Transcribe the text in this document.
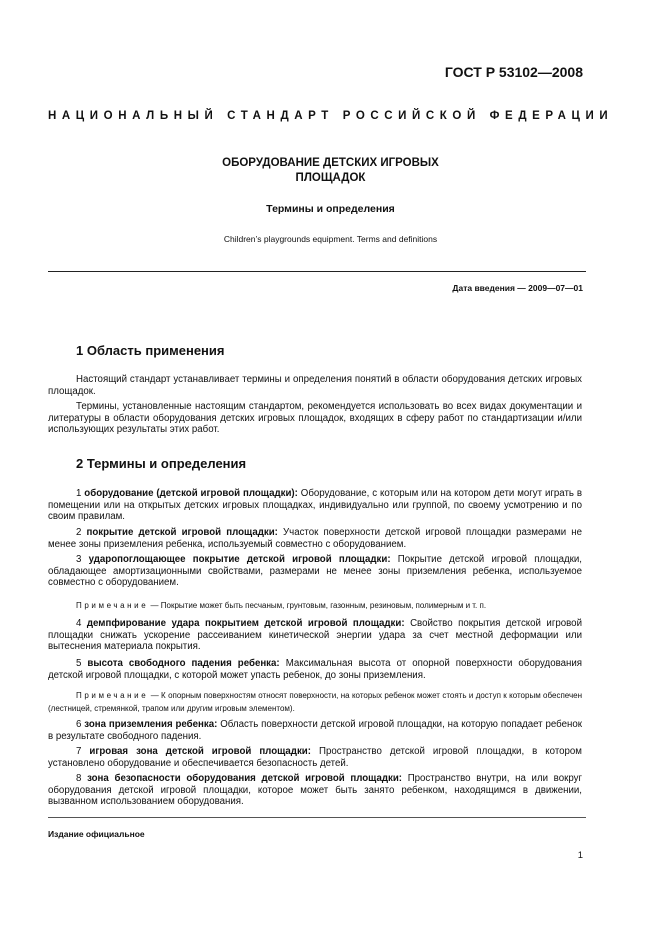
ГОСТ Р 53102—2008
НАЦИОНАЛЬНЫЙ СТАНДАРТ РОССИЙСКОЙ ФЕДЕРАЦИИ
ОБОРУДОВАНИЕ ДЕТСКИХ ИГРОВЫХ
ПЛОЩАДОК
Термины и определения
Children’s playgrounds equipment. Terms and definitions
Дата введения — 2009—07—01
1 Область применения
Настоящий стандарт устанавливает термины и определения понятий в области оборудования детских игровых площадок.
Термины, установленные настоящим стандартом, рекомендуется использовать во всех видах документации и литературы в области оборудования детских игровых площадок, входящих в сферу работ по стандартизации и/или использующих результаты этих работ.
2 Термины и определения
1 оборудование (детской игровой площадки): Оборудование, с которым или на котором дети могут играть в помещении или на открытых детских игровых площадках, индивидуально или группой, по своему усмотрению и по своим правилам.
2 покрытие детской игровой площадки: Участок поверхности детской игровой площадки размерами не менее зоны приземления ребенка, используемый совместно с оборудованием.
3 ударопоглощающее покрытие детской игровой площадки: Покрытие детской игровой площадки, обладающее амортизационными свойствами, размерами не менее зоны приземления ребенка, используемое совместно с оборудованием.
Примечание — Покрытие может быть песчаным, грунтовым, газонным, резиновым, полимерным и т. п.
4 демпфирование удара покрытием детской игровой площадки: Свойство покрытия детской игровой площадки снижать ускорение рассеиванием кинетической энергии удара за счет местной деформации или вытеснения материала покрытия.
5 высота свободного падения ребенка: Максимальная высота от опорной поверхности оборудования детской игровой площадки, с которой может упасть ребенок, до зоны приземления.
Примечание — К опорным поверхностям относят поверхности, на которых ребенок может стоять и доступ к которым обеспечен (лестницей, стремянкой, трапом или другим игровым элементом).
6 зона приземления ребенка: Область поверхности детской игровой площадки, на которую попадает ребенок в результате свободного падения.
7 игровая зона детской игровой площадки: Пространство детской игровой площадки, в котором установлено оборудование и обеспечивается безопасность детей.
8 зона безопасности оборудования детской игровой площадки: Пространство внутри, на или вокруг оборудования детской игровой площадки, которое может быть занято ребенком, находящимся в движении, вызванном использованием оборудования.
Издание официальное
1
